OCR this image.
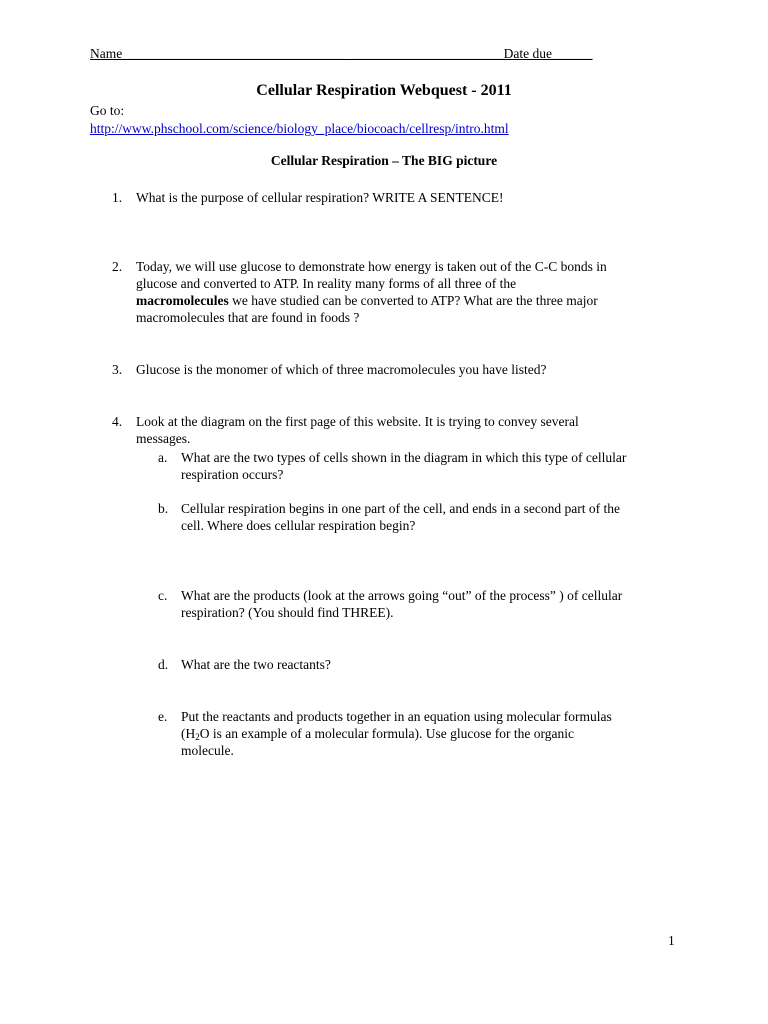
Name_________________________________ _______________________Date due______
Cellular Respiration Webquest - 2011
Go to:
http://www.phschool.com/science/biology_place/biocoach/cellresp/intro.html
Cellular Respiration – The BIG picture
1. What is the purpose of cellular respiration? WRITE A SENTENCE!
2. Today, we will use glucose to demonstrate how energy is taken out of the C-C bonds in
glucose and converted to ATP. In reality many forms of all three of the
macromolecules we have studied can be converted to ATP? What are the three major
macromolecules that are found in foods ?
3. Glucose is the monomer of which of three macromolecules you have listed?
4. Look at the diagram on the first page of this website. It is trying to convey several
messages.
a. What are the two types of cells shown in the diagram in which this type of cellular
respiration occurs?
b. Cellular respiration begins in one part of the cell, and ends in a second part of the
cell. Where does cellular respiration begin?
c. What are the products (look at the arrows going “out” of the process” ) of cellular
respiration? (You should find THREE).
d. What are the two reactants?
e. Put the reactants and products together in an equation using molecular formulas
($H_2O$ is an example of a molecular formula). Use glucose for the organic
molecule.
1
